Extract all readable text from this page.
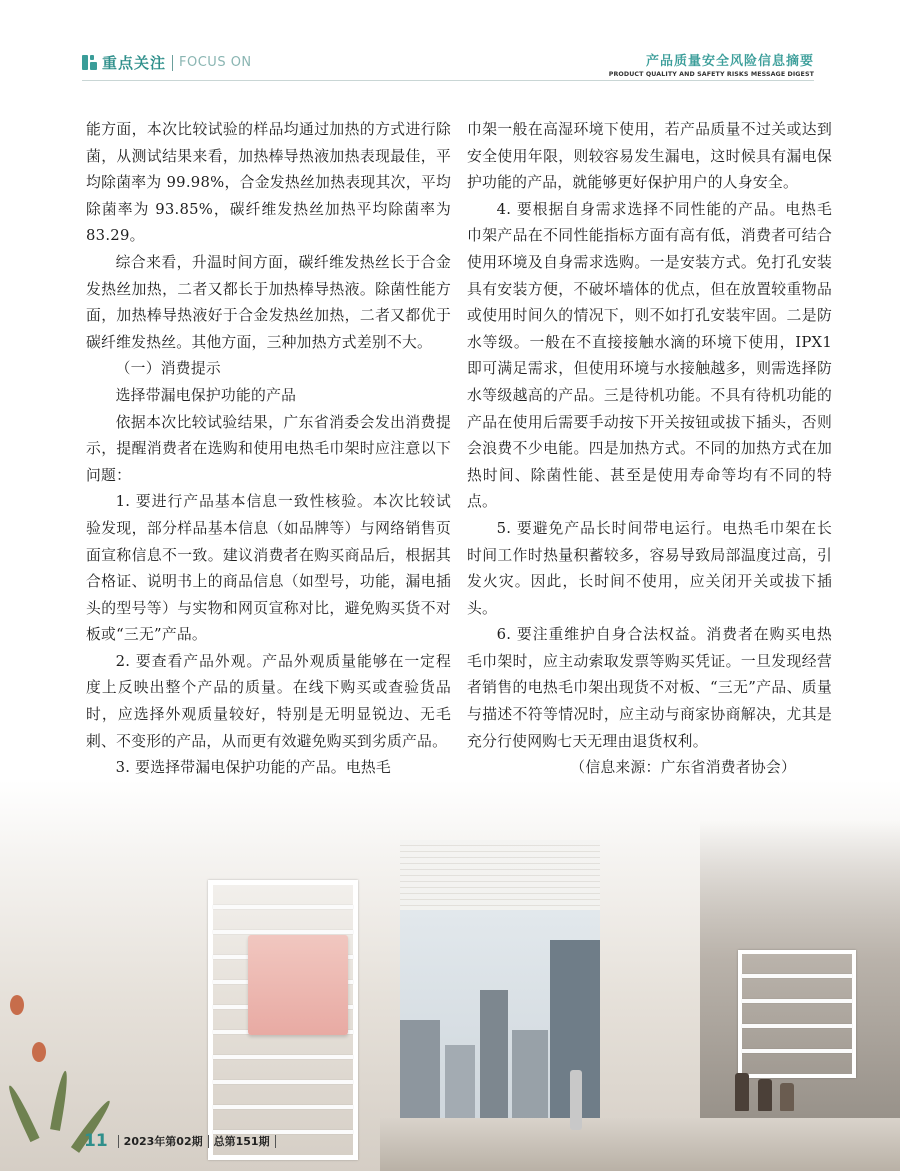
重点关注 FOCUS ON	产品质量安全风险信息摘要
PRODUCT QUALITY AND SAFETY RISKS MESSAGE DIGEST

能方面，本次比较试验的样品均通过加热的方式进行除菌，从测试结果来看，加热棒导热液加热表现最佳，平均除菌率为 99.98%，合金发热丝加热表现其次，平均除菌率为 93.85%，碳纤维发热丝加热平均除菌率为 83.29。

综合来看，升温时间方面，碳纤维发热丝长于合金发热丝加热，二者又都长于加热棒导热液。除菌性能方面，加热棒导热液好于合金发热丝加热，二者又都优于碳纤维发热丝。其他方面，三种加热方式差别不大。

（一）消费提示

选择带漏电保护功能的产品

依据本次比较试验结果，广东省消委会发出消费提示，提醒消费者在选购和使用电热毛巾架时应注意以下问题：

1. 要进行产品基本信息一致性核验。本次比较试验发现，部分样品基本信息（如品牌等）与网络销售页面宣称信息不一致。建议消费者在购买商品后，根据其合格证、说明书上的商品信息（如型号，功能，漏电插头的型号等）与实物和网页宣称对比，避免购买货不对板或“三无”产品。

2. 要查看产品外观。产品外观质量能够在一定程度上反映出整个产品的质量。在线下购买或查验货品时，应选择外观质量较好，特别是无明显锐边、无毛刺、不变形的产品，从而更有效避免购买到劣质产品。

3. 要选择带漏电保护功能的产品。电热毛

巾架一般在高湿环境下使用，若产品质量不过关或达到安全使用年限，则较容易发生漏电，这时候具有漏电保护功能的产品，就能够更好保护用户的人身安全。

4. 要根据自身需求选择不同性能的产品。电热毛巾架产品在不同性能指标方面有高有低，消费者可结合使用环境及自身需求选购。一是安装方式。免打孔安装具有安装方便，不破坏墙体的优点，但在放置较重物品或使用时间久的情况下，则不如打孔安装牢固。二是防水等级。一般在不直接接触水滴的环境下使用，IPX1 即可满足需求，但使用环境与水接触越多，则需选择防水等级越高的产品。三是待机功能。不具有待机功能的产品在使用后需要手动按下开关按钮或拔下插头，否则会浪费不少电能。四是加热方式。不同的加热方式在加热时间、除菌性能、甚至是使用寿命等均有不同的特点。

5. 要避免产品长时间带电运行。电热毛巾架在长时间工作时热量积蓄较多，容易导致局部温度过高，引发火灾。因此，长时间不使用，应关闭开关或拔下插头。

6. 要注重维护自身合法权益。消费者在购买电热毛巾架时，应主动索取发票等购买凭证。一旦发现经营者销售的电热毛巾架出现货不对板、“三无”产品、质量与描述不符等情况时，应主动与商家协商解决，尤其是充分行使网购七天无理由退货权利。

（信息来源：广东省消费者协会）

11 2023年第02期 总第151期
